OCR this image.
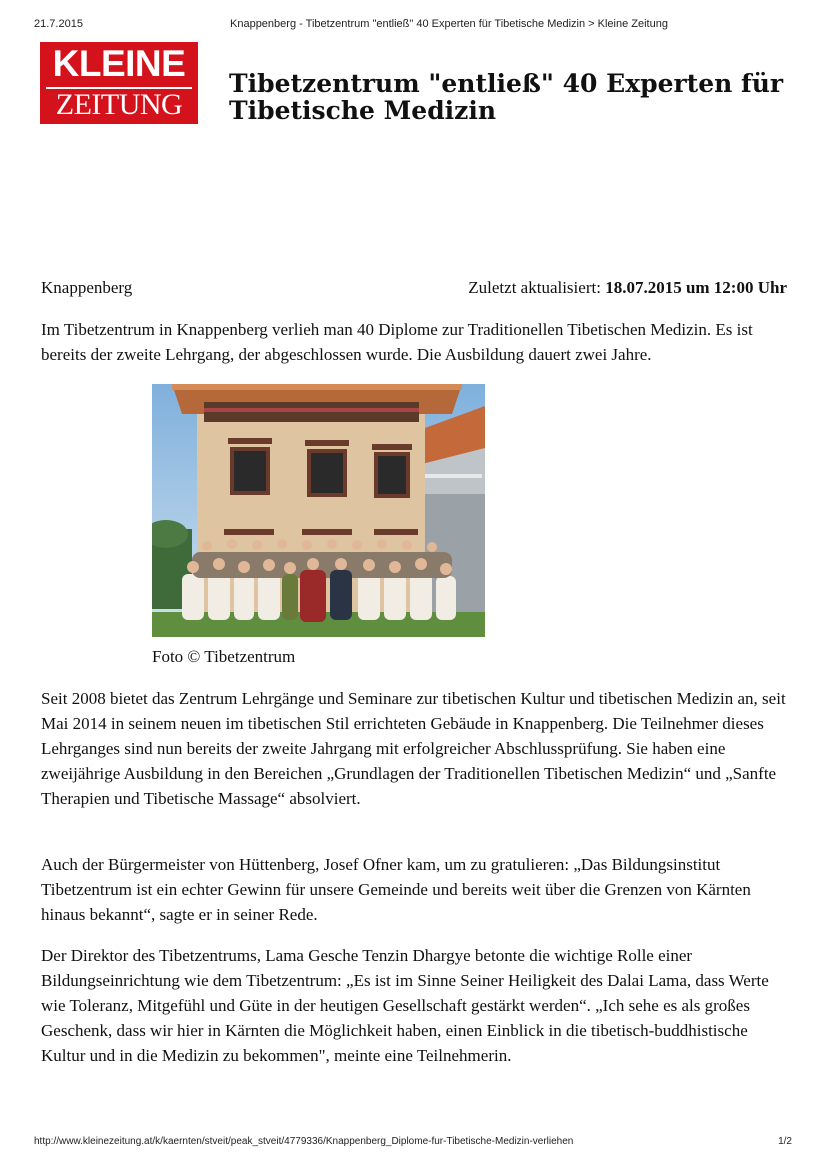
21.7.2015	Knappenberg - Tibetzentrum "entließ" 40 Experten für Tibetische Medizin > Kleine Zeitung
KLEINE
ZEITUNG
Tibetzentrum "entließ" 40 Experten für Tibetische Medizin
Knappenberg	Zuletzt aktualisiert: 18.07.2015 um 12:00 Uhr

Im Tibetzentrum in Knappenberg verlieh man 40 Diplome zur Traditionellen Tibetischen Medizin. Es ist bereits der zweite Lehrgang, der abgeschlossen wurde. Die Ausbildung dauert zwei Jahre.

Foto © Tibetzentrum

Seit 2008 bietet das Zentrum Lehrgänge und Seminare zur tibetischen Kultur und tibetischen Medizin an, seit Mai 2014 in seinem neuen im tibetischen Stil errichteten Gebäude in Knappenberg. Die Teilnehmer dieses Lehrganges sind nun bereits der zweite Jahrgang mit erfolgreicher Abschlussprüfung. Sie haben eine zweijährige Ausbildung in den Bereichen „Grundlagen der Traditionellen Tibetischen Medizin“ und „Sanfte Therapien und Tibetische Massage“ absolviert.

Auch der Bürgermeister von Hüttenberg, Josef Ofner kam, um zu gratulieren: „Das Bildungsinstitut Tibetzentrum ist ein echter Gewinn für unsere Gemeinde und bereits weit über die Grenzen von Kärnten hinaus bekannt“, sagte er in seiner Rede.

Der Direktor des Tibetzentrums, Lama Gesche Tenzin Dhargye betonte die wichtige Rolle einer Bildungseinrichtung wie dem Tibetzentrum: „Es ist im Sinne Seiner Heiligkeit des Dalai Lama, dass Werte wie Toleranz, Mitgefühl und Güte in der heutigen Gesellschaft gestärkt werden“. „Ich sehe es als großes Geschenk, dass wir hier in Kärnten die Möglichkeit haben, einen Einblick in die tibetisch-buddhistische Kultur und in die Medizin zu bekommen", meinte eine Teilnehmerin.

http://www.kleinezeitung.at/k/kaernten/stveit/peak_stveit/4779336/Knappenberg_Diplome-fur-Tibetische-Medizin-verliehen	1/2
